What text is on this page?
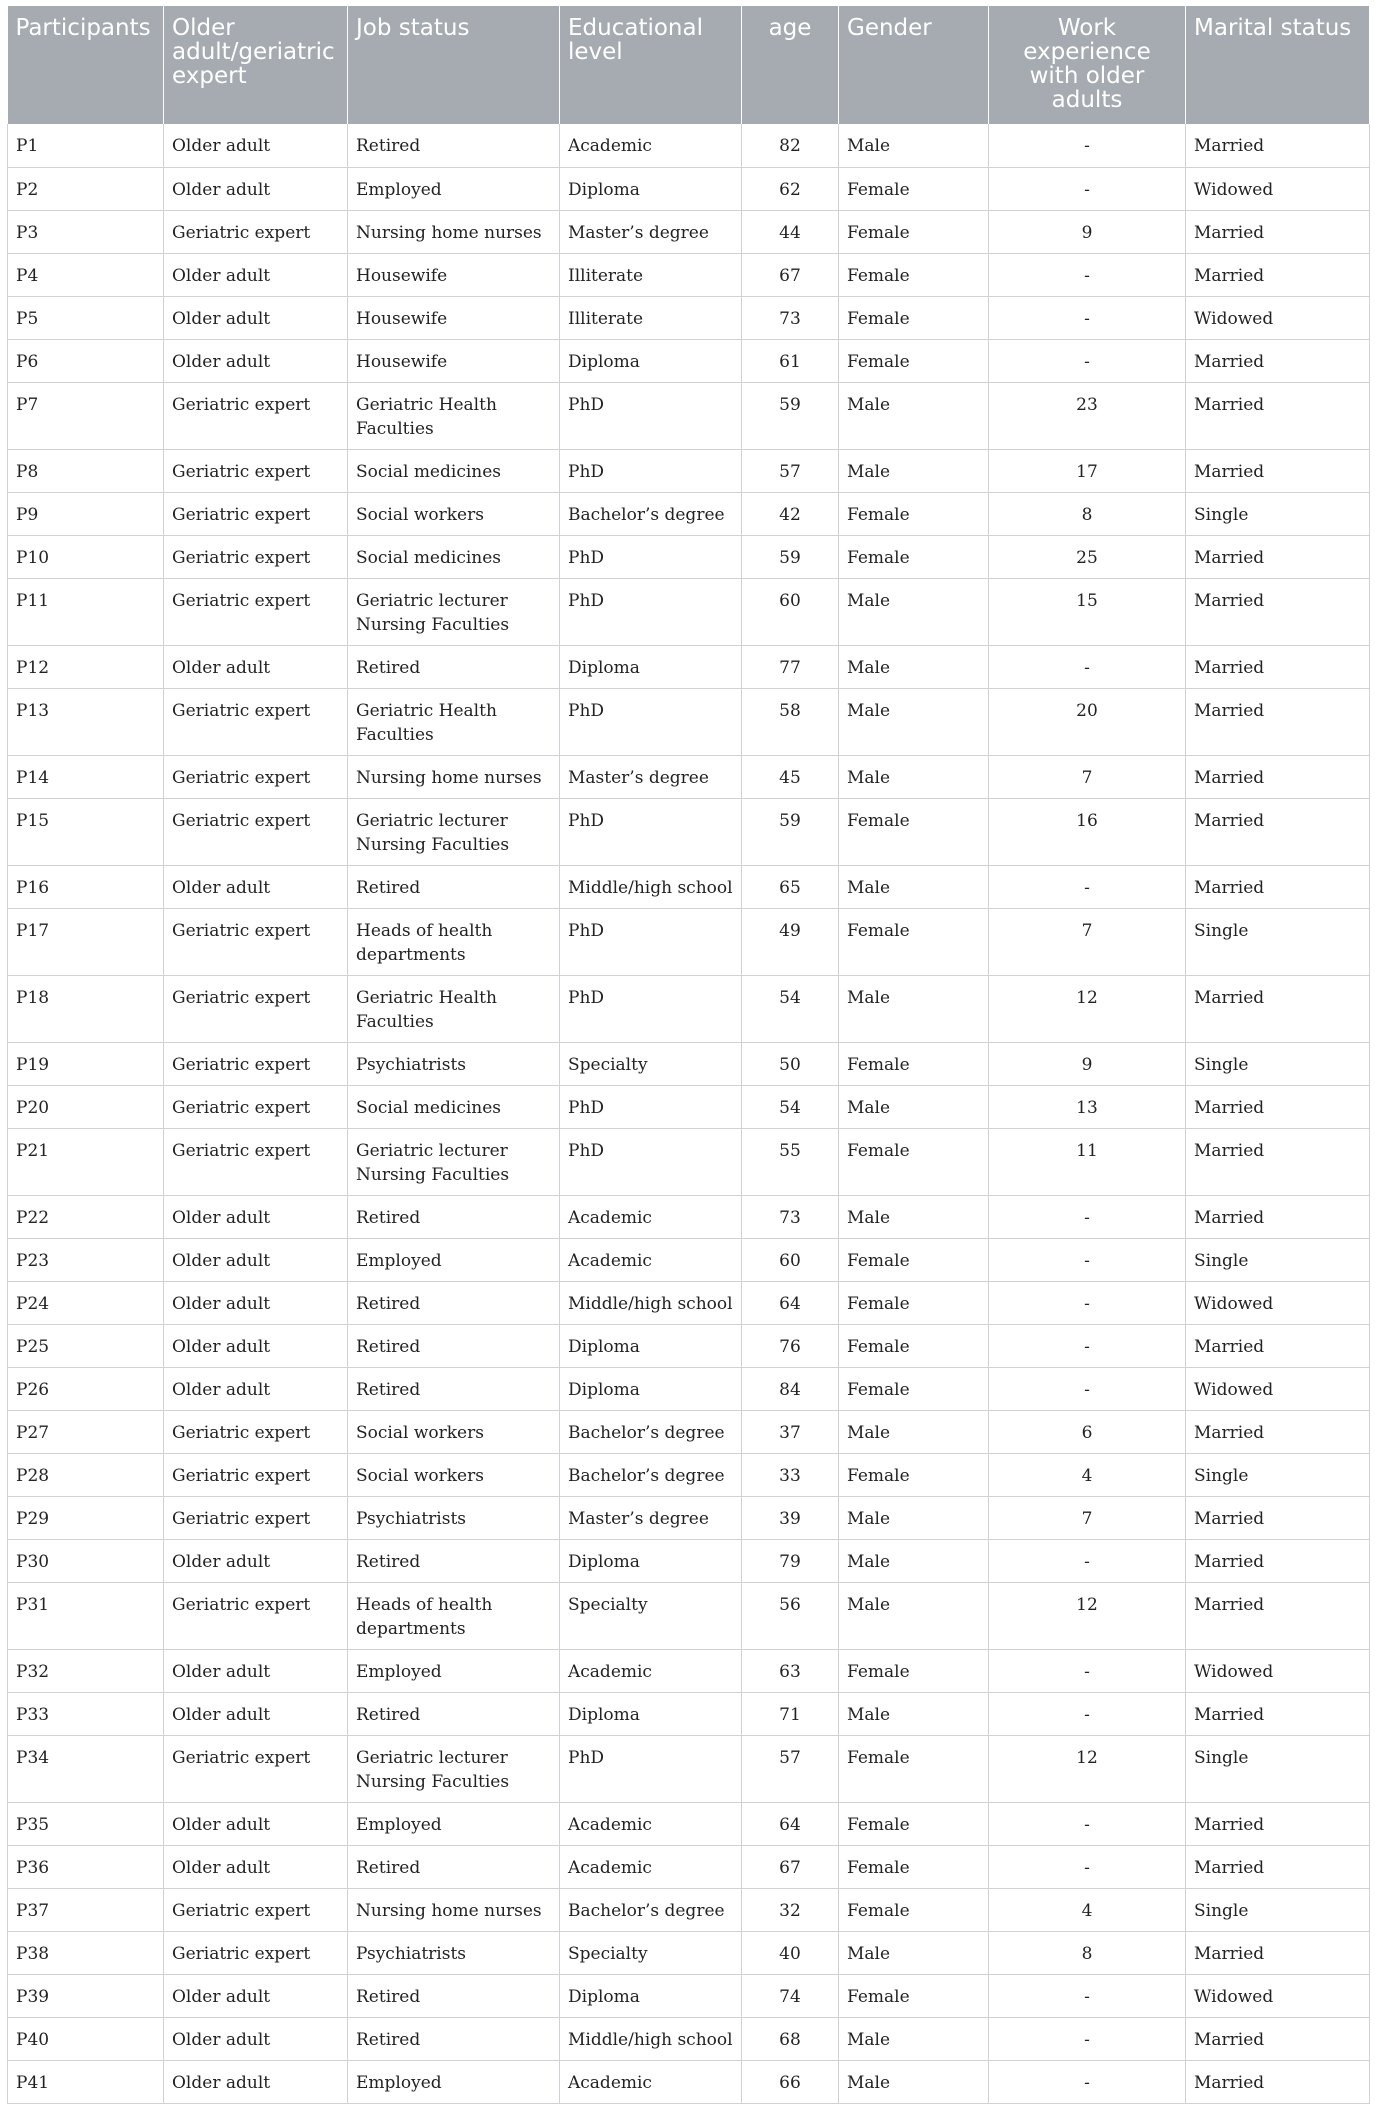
Participants	Older adult/geriatric expert	Job status	Educational level	age	Gender	Work experience with older adults	Marital status
P1	Older adult	Retired	Academic	82	Male	-	Married
P2	Older adult	Employed	Diploma	62	Female	-	Widowed
P3	Geriatric expert	Nursing home nurses	Master’s degree	44	Female	9	Married
P4	Older adult	Housewife	Illiterate	67	Female	-	Married
P5	Older adult	Housewife	Illiterate	73	Female	-	Widowed
P6	Older adult	Housewife	Diploma	61	Female	-	Married
P7	Geriatric expert	Geriatric Health Faculties	PhD	59	Male	23	Married
P8	Geriatric expert	Social medicines	PhD	57	Male	17	Married
P9	Geriatric expert	Social workers	Bachelor’s degree	42	Female	8	Single
P10	Geriatric expert	Social medicines	PhD	59	Female	25	Married
P11	Geriatric expert	Geriatric lecturer Nursing Faculties	PhD	60	Male	15	Married
P12	Older adult	Retired	Diploma	77	Male	-	Married
P13	Geriatric expert	Geriatric Health Faculties	PhD	58	Male	20	Married
P14	Geriatric expert	Nursing home nurses	Master’s degree	45	Male	7	Married
P15	Geriatric expert	Geriatric lecturer Nursing Faculties	PhD	59	Female	16	Married
P16	Older adult	Retired	Middle/high school	65	Male	-	Married
P17	Geriatric expert	Heads of health departments	PhD	49	Female	7	Single
P18	Geriatric expert	Geriatric Health Faculties	PhD	54	Male	12	Married
P19	Geriatric expert	Psychiatrists	Specialty	50	Female	9	Single
P20	Geriatric expert	Social medicines	PhD	54	Male	13	Married
P21	Geriatric expert	Geriatric lecturer Nursing Faculties	PhD	55	Female	11	Married
P22	Older adult	Retired	Academic	73	Male	-	Married
P23	Older adult	Employed	Academic	60	Female	-	Single
P24	Older adult	Retired	Middle/high school	64	Female	-	Widowed
P25	Older adult	Retired	Diploma	76	Female	-	Married
P26	Older adult	Retired	Diploma	84	Female	-	Widowed
P27	Geriatric expert	Social workers	Bachelor’s degree	37	Male	6	Married
P28	Geriatric expert	Social workers	Bachelor’s degree	33	Female	4	Single
P29	Geriatric expert	Psychiatrists	Master’s degree	39	Male	7	Married
P30	Older adult	Retired	Diploma	79	Male	-	Married
P31	Geriatric expert	Heads of health departments	Specialty	56	Male	12	Married
P32	Older adult	Employed	Academic	63	Female	-	Widowed
P33	Older adult	Retired	Diploma	71	Male	-	Married
P34	Geriatric expert	Geriatric lecturer Nursing Faculties	PhD	57	Female	12	Single
P35	Older adult	Employed	Academic	64	Female	-	Married
P36	Older adult	Retired	Academic	67	Female	-	Married
P37	Geriatric expert	Nursing home nurses	Bachelor’s degree	32	Female	4	Single
P38	Geriatric expert	Psychiatrists	Specialty	40	Male	8	Married
P39	Older adult	Retired	Diploma	74	Female	-	Widowed
P40	Older adult	Retired	Middle/high school	68	Male	-	Married
P41	Older adult	Employed	Academic	66	Male	-	Married
